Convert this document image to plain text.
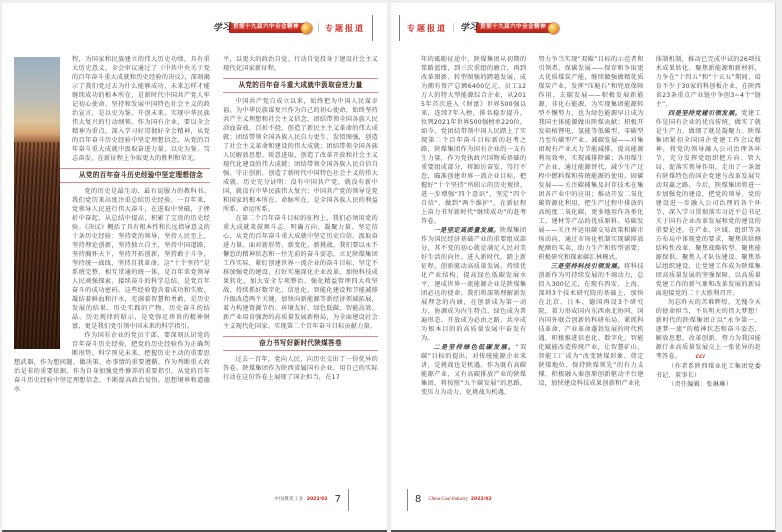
学习 贯彻十九届六中全会精神	| 专题报道

程，为国家和民族建立的伟大历史功绩，具有重大历史意义。全会审议通过了《中共中央关于党的百年奋斗重大成就和历史经验的决议》，深刻揭示了我们党过去为什么能够成功、未来怎样才能继续成功的根本所在，是新时代中国共产党人牢记初心使命、坚持和发展中国特色社会主义的政治宣言，是以史为鉴、开创未来、实现中华民族伟大复兴的行动纲领。作为国有企业，要以全会精神为重点，深入学习好贯彻好全会精神，从党的百年奋斗历史经验中坚定理想信念，从党的百年奋斗重大成就中汲取奋进力量，以史为鉴、笃志奋发，在新征程上争取更大的胜利和荣光。

从党的百年奋斗历史经验中坚定理想信念

党的历史是最生动、最有说服力的教科书。我们党历来高度注重总结历史经验。一百年来，党领导人民进行伟大奋斗，在进取中突破，于挫折中奋起，从总结中提高，积累了宝贵的历史经验。《决议》概括了具有根本性和长远指导意义的十条历史经验：坚持党的领导，坚持人民至上，坚持理论创新，坚持独立自主，坚持中国道路，坚持胸怀天下，坚持开拓创新，坚持敢于斗争，坚持统一战线，坚持自我革命。这“十个坚持”是系统完整、相互贯通的统一体，是百年来党领导人民顽强探索、接续奋斗的科学总结，是党百年奋斗的成功密码。这些经验饱含着成功和失败，凝结着鲜血和汗水，充满着智慧和勇敢，是历史发展的结果、历史实践的产物、历史奋斗的结晶、历史规律的昭示，是党弥足珍贵的精神财富，更是我们党引领中国未来的科学指引。

作为国有企业的党员干部，要深刻认识党的百年奋斗历史经验，把党的历史经验作为正确判断形势、科学预见未来、把握历史主动的重要思想武器，作为想问题、做决策、办事情的重要遵循，作为判断重大政治是非的重要依据，作为自身加强党性修养的重要指引，从党的百年奋斗历史经验中坚定理想信念，不断提高政治觉悟、思想境界和道德水

平，以更大的政治自觉、行动自觉投身于建设社会主义现代化国家新征程。

从党的百年奋斗重大成就中汲取奋进力量

中国共产党自成立以来，始终把为中国人民谋幸福、为中华民族谋复兴作为自己的初心使命，始终坚持共产主义理想和社会主义信念，团结带领全国各族人民浴血奋战、百折不挠，创造了新民主主义革命的伟大成就；团结带领全国各族人民自力更生、发愤图强，创造了社会主义革命和建设的伟大成就；团结带领全国各族人民解放思想、锐意进取，创造了改革开放和社会主义现代化建设的伟大成就；团结带领全国各族人民自信自强、守正创新，创造了新时代中国特色社会主义的伟大成就。历史充分证明：没有中国共产党，就没有新中国，就没有中华民族伟大复兴；中国共产党的领导是党和国家的根本所在、命脉所在，是全国各族人民的利益所系、命运所系。

在第二个百年奋斗目标的征程上，我们必须用党的重大成就来鼓舞斗志、明确方向、凝聚力量、坚定信心，从党的百年奋斗重大成就中坚定历史自信、汲取奋进力量。面对新形势、新变化、新挑战，我们要以永不懈怠的精神状态和一往无前的奋斗姿态，立足陕煤集团工作实际，紧盯创建世界一流企业的奋斗目标，坚定不移加强党的建设，打好实施深化企业改革、加快科技成果转化、加大安全专项整治、强化精益管理四大攻坚战，持续抓好数字化、信息化、智能化建设和节能减排升级改造两个关键，加快向新能源等新经济领域拓展，着力构建资源节约、环境友好、绿色低碳、智能高效、新产业培育强劲的高质量发展新格局，为全面建设社会主义现代化国家、实现第二个百年奋斗目标贡献力量。

奋力书写好新时代陕煤答卷

过去一百年，党向人民、向历史交出了一份优异的答卷。陕煤集团作为陕西省属国有企业，用自己的实际行动在这份答卷上展现了国企担当，在17

中国煤炭工业 2022/02 7
专题报道 | 学习 贯彻十九届六中全会精神

年的砥砺征途中，陕煤集团从初期的筚路蓝缕，到三次重组的磨合，再到改革图新、转型图强的跨越发展，成为拥有资产总额6400亿元、员工12万人的特大型能源综合企业，从2015年首次进入《财富》世界500强以来，连续7年入榜，排名稳步提升，位列2021年世界500强榜单220位。如今，党团结带领中国人民踏上了实现第二个百年奋斗目标新的赶考之路，陕煤集团作为国有企业的一支有生力量，作为党执政兴国物质基础的重要组成部分，将踔厉奋发、笃行不怠，瞄准创建世界一流企业目标，把握好“十个坚持”所昭示的历史规律，进一步增强“四个意识”、坚定“四个自信”、做到“两个维护”，在新征程上奋力书写新时代“继续成功”的赶考答卷。

一是坚定高质量发展。陕煤集团作为国民经济基础产业的重要组成部分，其不变的初心就是满足人民对美好生活的向往。进入新时代，踏上新征程，创新驱动高质量发展，持续优化产业结构，提高绿色低碳发展水平，建成世界一流能源企业是陕煤集团必达的使命。我们将深刻理解新发展理念的内涵，在创新成为第一动力、协调成为内生特点、绿色成为普遍形态、开放成为必由之路、共享成为根本目的的高质量发展中奋发有为。

二是坚持绿色低碳发展。“双碳”目标的提出，对传统能源企业来讲，是挑战也是机遇。作为既有高碳能源产业、又有高碳排放产业的陕煤集团，将按照“五个碳发展”的思路，变压力为动力，化挑战为机遇，

努力争当实现“双碳”目标的示范者和引领者。保碳发展——保存和争取更大优质煤炭产能，继续做强做精优质煤炭产业，发挥“压舱石”和兜底保障作用。去碳发展——积极发展新能源、非化石能源，为实现集团能源转型不懈努力，也为绿色能源早日成为我国主体能源做出陕煤贡献；积极开发培植锂电、氢能等低碳型、零碳型乃至负碳型产业。减碳发展——对集团现有产业大力节能减排，提高能源利用效率，实现减排降碳；各用煤生产企业，通过能源替代，减少生产过程中燃料煤和传统能源的使用。固碳发展——关注碳捕集及封存技术在集团各产业中的应用；推动开发二氧化碳资源化利用，把生产过程中排放的高纯度二氧化碳，更多地用作各类化工、建材等产品的优质原料。易碳发展——关注并运用碳交易政策和碳市场动向，通过市场化机制实现碳排放配额的买卖，助力生产和转型需要；积极研究和探索碳汇林模式。

三是坚持科技引领发展。将科技创新作为可持续发展的不竭动力，总投入300亿元，在现有西安、上海、深圳3个技术研究院的基础上，加快在北京、日本、德国再设3个研究院，着力形成国内东西南北协同、国内国外联合创新的科研布局。紧抓科技革命、产业革命蓬勃发展的时代机遇，积极推进信息化、数字化、智能化赋能改造传统产业，让智慧矿山、智能工厂成为“改变陕煤形象、奠定陕煤地位、保持陕煤领先”的有力支撑，积极融入秦创原创新驱动平台建设，加快建设科技成果创新和产业化

体制机制，推动已完成中试的26项技术成果转化。聚焦新能源和新材料，力争在“十四五”和“十五五”期间，培育不少于30家的科创板企业，在陕西省23条重点产业链中争创3~4个“链主”。

四是坚持党建引领发展。党建工作是国有企业的优良传统，做实了就是生产力，做细了就是凝聚力。陕煤集团紧扣全国国企党建工作会议精神，将党的领导融入公司治理各环节，充分发挥党组织把方向、管大局、促落实领导作用，走出了一条富有陕煤特色的国企党建与改革发展互动双赢之路。今后，陕煤集团将进一步加强党的建设，把党的领导、党的建设进一步融入公司治理的各个环节，深入学习贯彻落实习近平总书记关于国有企业改革发展和党的建设的重要论述，在产业、区域、组织等各方布局中体现党的要求，聚焦供给侧结构性改革、聚焦战略转型、聚焦能源保供、聚焦人才队伍建设、聚焦基层组织建设，让党建工作成为陕煤集团高质量发展的坚强保障，以高质量党建工作的新气象和改革发展的新局面迎接党的二十大胜利召开。

勿忘昨天的苦难辉煌，无愧今天的使命担当，不负明天的伟大梦想！新时代的陕煤集团正以“永争第一、逐梦一流”的精神状态和奋斗姿态，解放思想，改革创新，努力为我国能源行业高质量发展交上一张优异的赶考答卷。	CCI

（作者系陕西煤业化工集团党委书记、董事长）

（责任编辑：张琳琳）

8 China Coal Industry 2022/02
